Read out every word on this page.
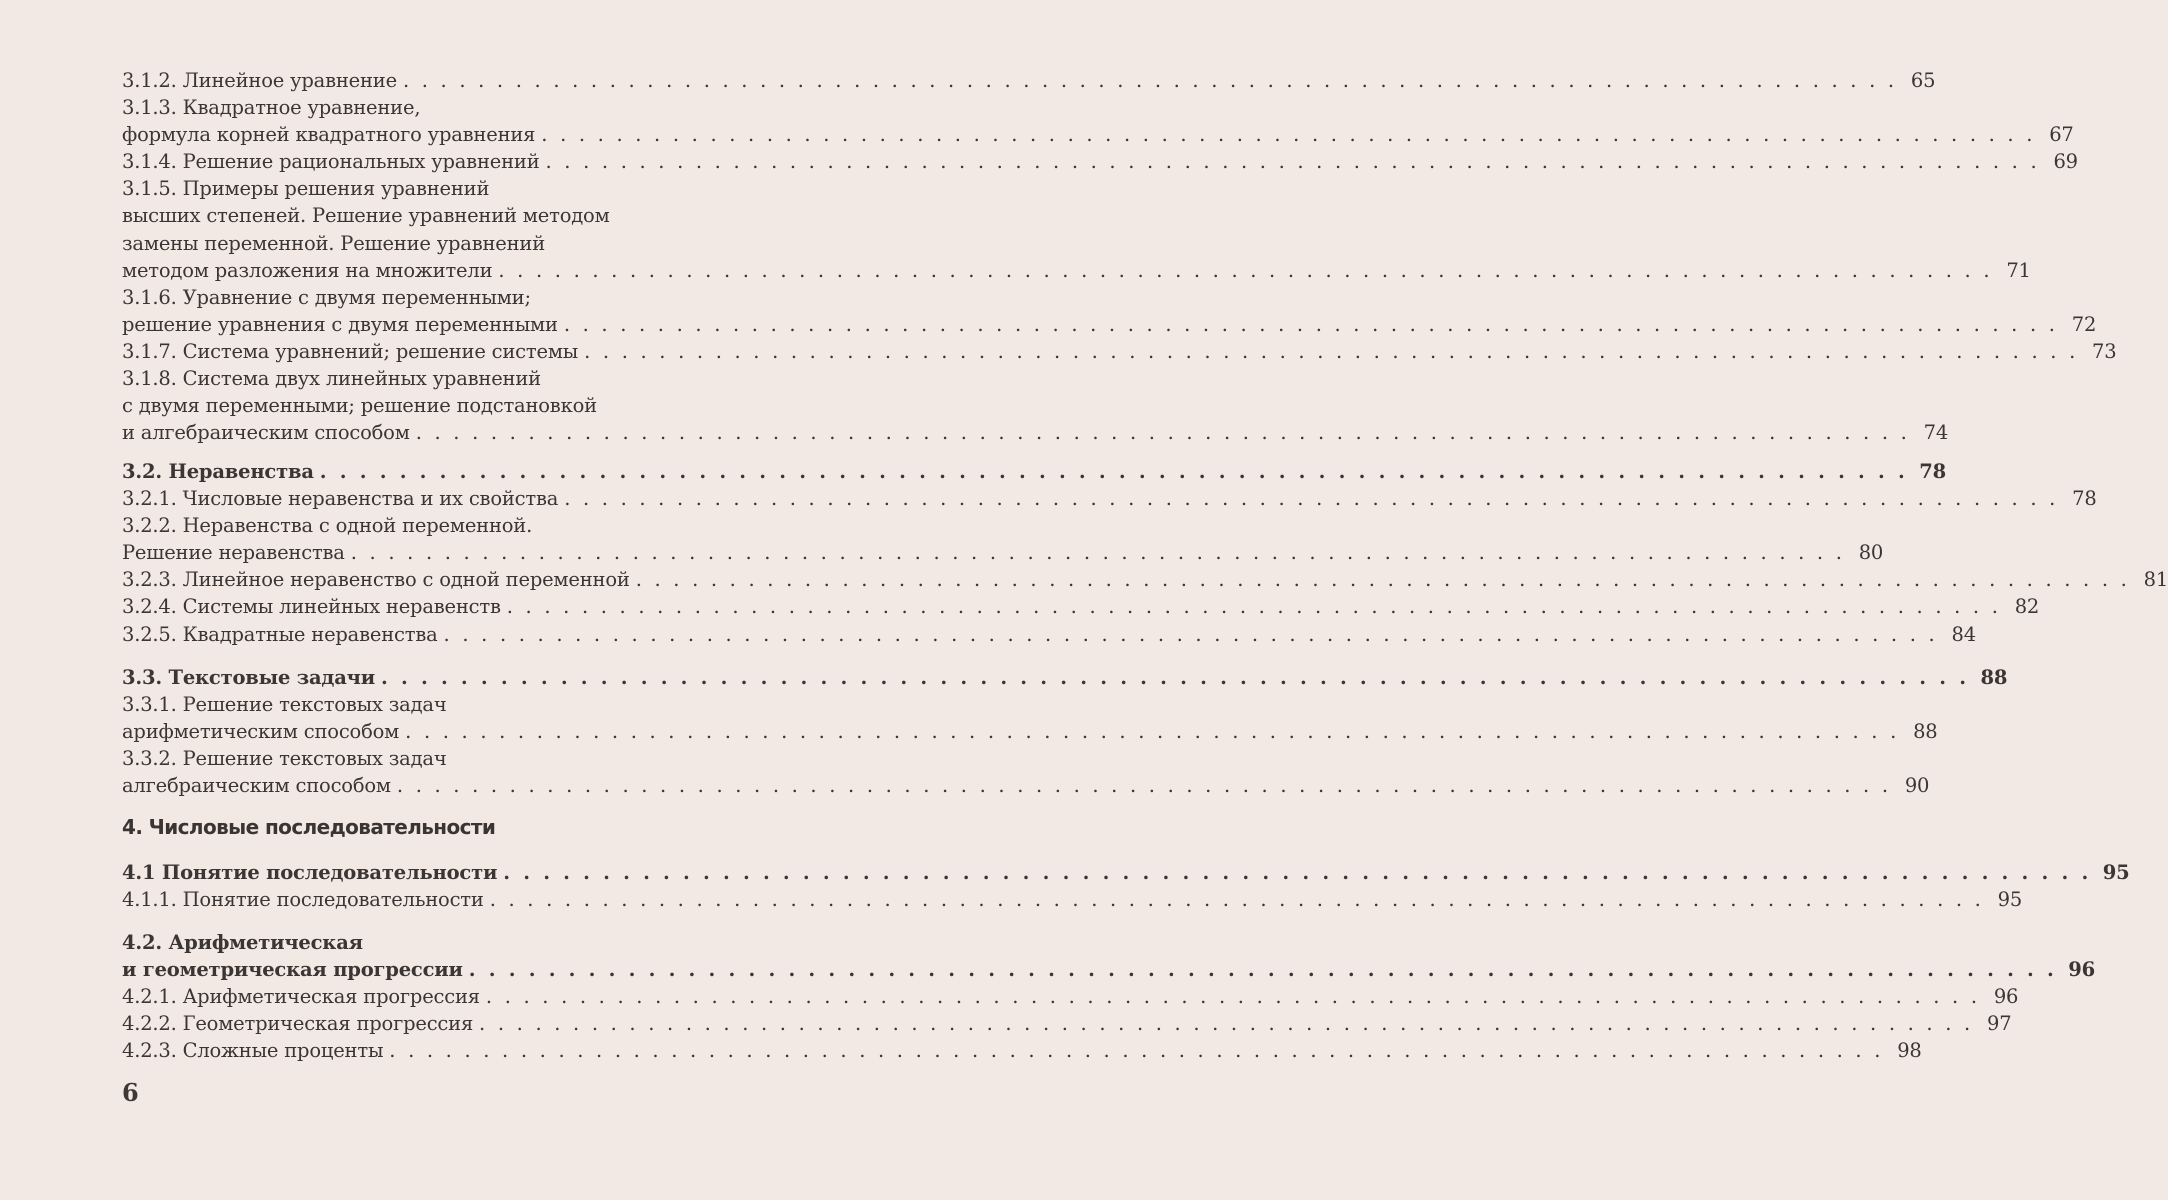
3.1.2. Линейное уравнение . . . . . . . . . . . . . . . . . . . . . . . . . . . . . . . . . . . . . . . . . . . . . . . . . . . . . . . . . . . . . . . . . . . . . . . . . . . . . . . . 65
3.1.3. Квадратное уравнение,
формула корней квадратного уравнения . . . . . . . . . . . . . . . . . . . . . . . . . . . . . . . . . . . . . . . . . . . . . . . . . . . . . . . . . . . . . . . . . . . . . . . . . . . . . . . . 67
3.1.4. Решение рациональных уравнений . . . . . . . . . . . . . . . . . . . . . . . . . . . . . . . . . . . . . . . . . . . . . . . . . . . . . . . . . . . . . . . . . . . . . . . . . . . . . . . . 69
3.1.5. Примеры решения уравнений
высших степеней. Решение уравнений методом
замены переменной. Решение уравнений
методом разложения на множители . . . . . . . . . . . . . . . . . . . . . . . . . . . . . . . . . . . . . . . . . . . . . . . . . . . . . . . . . . . . . . . . . . . . . . . . . . . . . . . . 71
3.1.6. Уравнение с двумя переменными;
решение уравнения с двумя переменными . . . . . . . . . . . . . . . . . . . . . . . . . . . . . . . . . . . . . . . . . . . . . . . . . . . . . . . . . . . . . . . . . . . . . . . . . . . . . . . . 72
3.1.7. Система уравнений; решение системы . . . . . . . . . . . . . . . . . . . . . . . . . . . . . . . . . . . . . . . . . . . . . . . . . . . . . . . . . . . . . . . . . . . . . . . . . . . . . . . . 73
3.1.8. Система двух линейных уравнений
с двумя переменными; решение подстановкой
и алгебраическим способом . . . . . . . . . . . . . . . . . . . . . . . . . . . . . . . . . . . . . . . . . . . . . . . . . . . . . . . . . . . . . . . . . . . . . . . . . . . . . . . . 74
3.2. Неравенства . . . . . . . . . . . . . . . . . . . . . . . . . . . . . . . . . . . . . . . . . . . . . . . . . . . . . . . . . . . . . . . . . . . . . . . . . . . . . . . . 78
3.2.1. Числовые неравенства и их свойства . . . . . . . . . . . . . . . . . . . . . . . . . . . . . . . . . . . . . . . . . . . . . . . . . . . . . . . . . . . . . . . . . . . . . . . . . . . . . . . . 78
3.2.2. Неравенства с одной переменной.
Решение неравенства . . . . . . . . . . . . . . . . . . . . . . . . . . . . . . . . . . . . . . . . . . . . . . . . . . . . . . . . . . . . . . . . . . . . . . . . . . . . . . . . 80
3.2.3. Линейное неравенство с одной переменной . . . . . . . . . . . . . . . . . . . . . . . . . . . . . . . . . . . . . . . . . . . . . . . . . . . . . . . . . . . . . . . . . . . . . . . . . . . . . . . . 81
3.2.4. Системы линейных неравенств . . . . . . . . . . . . . . . . . . . . . . . . . . . . . . . . . . . . . . . . . . . . . . . . . . . . . . . . . . . . . . . . . . . . . . . . . . . . . . . . 82
3.2.5. Квадратные неравенства . . . . . . . . . . . . . . . . . . . . . . . . . . . . . . . . . . . . . . . . . . . . . . . . . . . . . . . . . . . . . . . . . . . . . . . . . . . . . . . . 84
3.3. Текстовые задачи . . . . . . . . . . . . . . . . . . . . . . . . . . . . . . . . . . . . . . . . . . . . . . . . . . . . . . . . . . . . . . . . . . . . . . . . . . . . . . . . 88
3.3.1. Решение текстовых задач
арифметическим способом . . . . . . . . . . . . . . . . . . . . . . . . . . . . . . . . . . . . . . . . . . . . . . . . . . . . . . . . . . . . . . . . . . . . . . . . . . . . . . . . 88
3.3.2. Решение текстовых задач
алгебраическим способом . . . . . . . . . . . . . . . . . . . . . . . . . . . . . . . . . . . . . . . . . . . . . . . . . . . . . . . . . . . . . . . . . . . . . . . . . . . . . . . . 90
4. Числовые последовательности
4.1 Понятие последовательности . . . . . . . . . . . . . . . . . . . . . . . . . . . . . . . . . . . . . . . . . . . . . . . . . . . . . . . . . . . . . . . . . . . . . . . . . . . . . . . . 95
4.1.1. Понятие последовательности . . . . . . . . . . . . . . . . . . . . . . . . . . . . . . . . . . . . . . . . . . . . . . . . . . . . . . . . . . . . . . . . . . . . . . . . . . . . . . . . 95
4.2. Арифметическая
и геометрическая прогрессии . . . . . . . . . . . . . . . . . . . . . . . . . . . . . . . . . . . . . . . . . . . . . . . . . . . . . . . . . . . . . . . . . . . . . . . . . . . . . . . . 96
4.2.1. Арифметическая прогрессия . . . . . . . . . . . . . . . . . . . . . . . . . . . . . . . . . . . . . . . . . . . . . . . . . . . . . . . . . . . . . . . . . . . . . . . . . . . . . . . . 96
4.2.2. Геометрическая прогрессия . . . . . . . . . . . . . . . . . . . . . . . . . . . . . . . . . . . . . . . . . . . . . . . . . . . . . . . . . . . . . . . . . . . . . . . . . . . . . . . . 97
4.2.3. Сложные проценты . . . . . . . . . . . . . . . . . . . . . . . . . . . . . . . . . . . . . . . . . . . . . . . . . . . . . . . . . . . . . . . . . . . . . . . . . . . . . . . . 98
6
